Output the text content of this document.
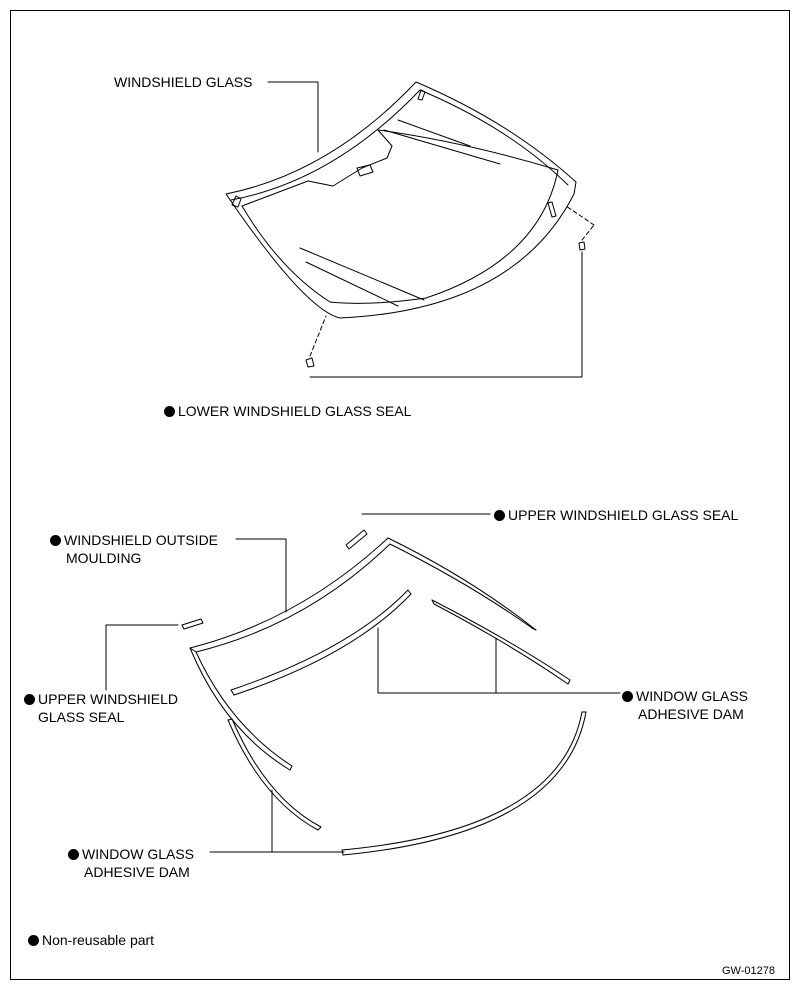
WINDSHIELD GLASS
LOWER WINDSHIELD GLASS SEAL
UPPER WINDSHIELD GLASS SEAL
WINDSHIELD OUTSIDE
MOULDING
UPPER WINDSHIELD
GLASS SEAL
WINDOW GLASS
ADHESIVE DAM
WINDOW GLASS
ADHESIVE DAM
Non-reusable part
GW-01278
